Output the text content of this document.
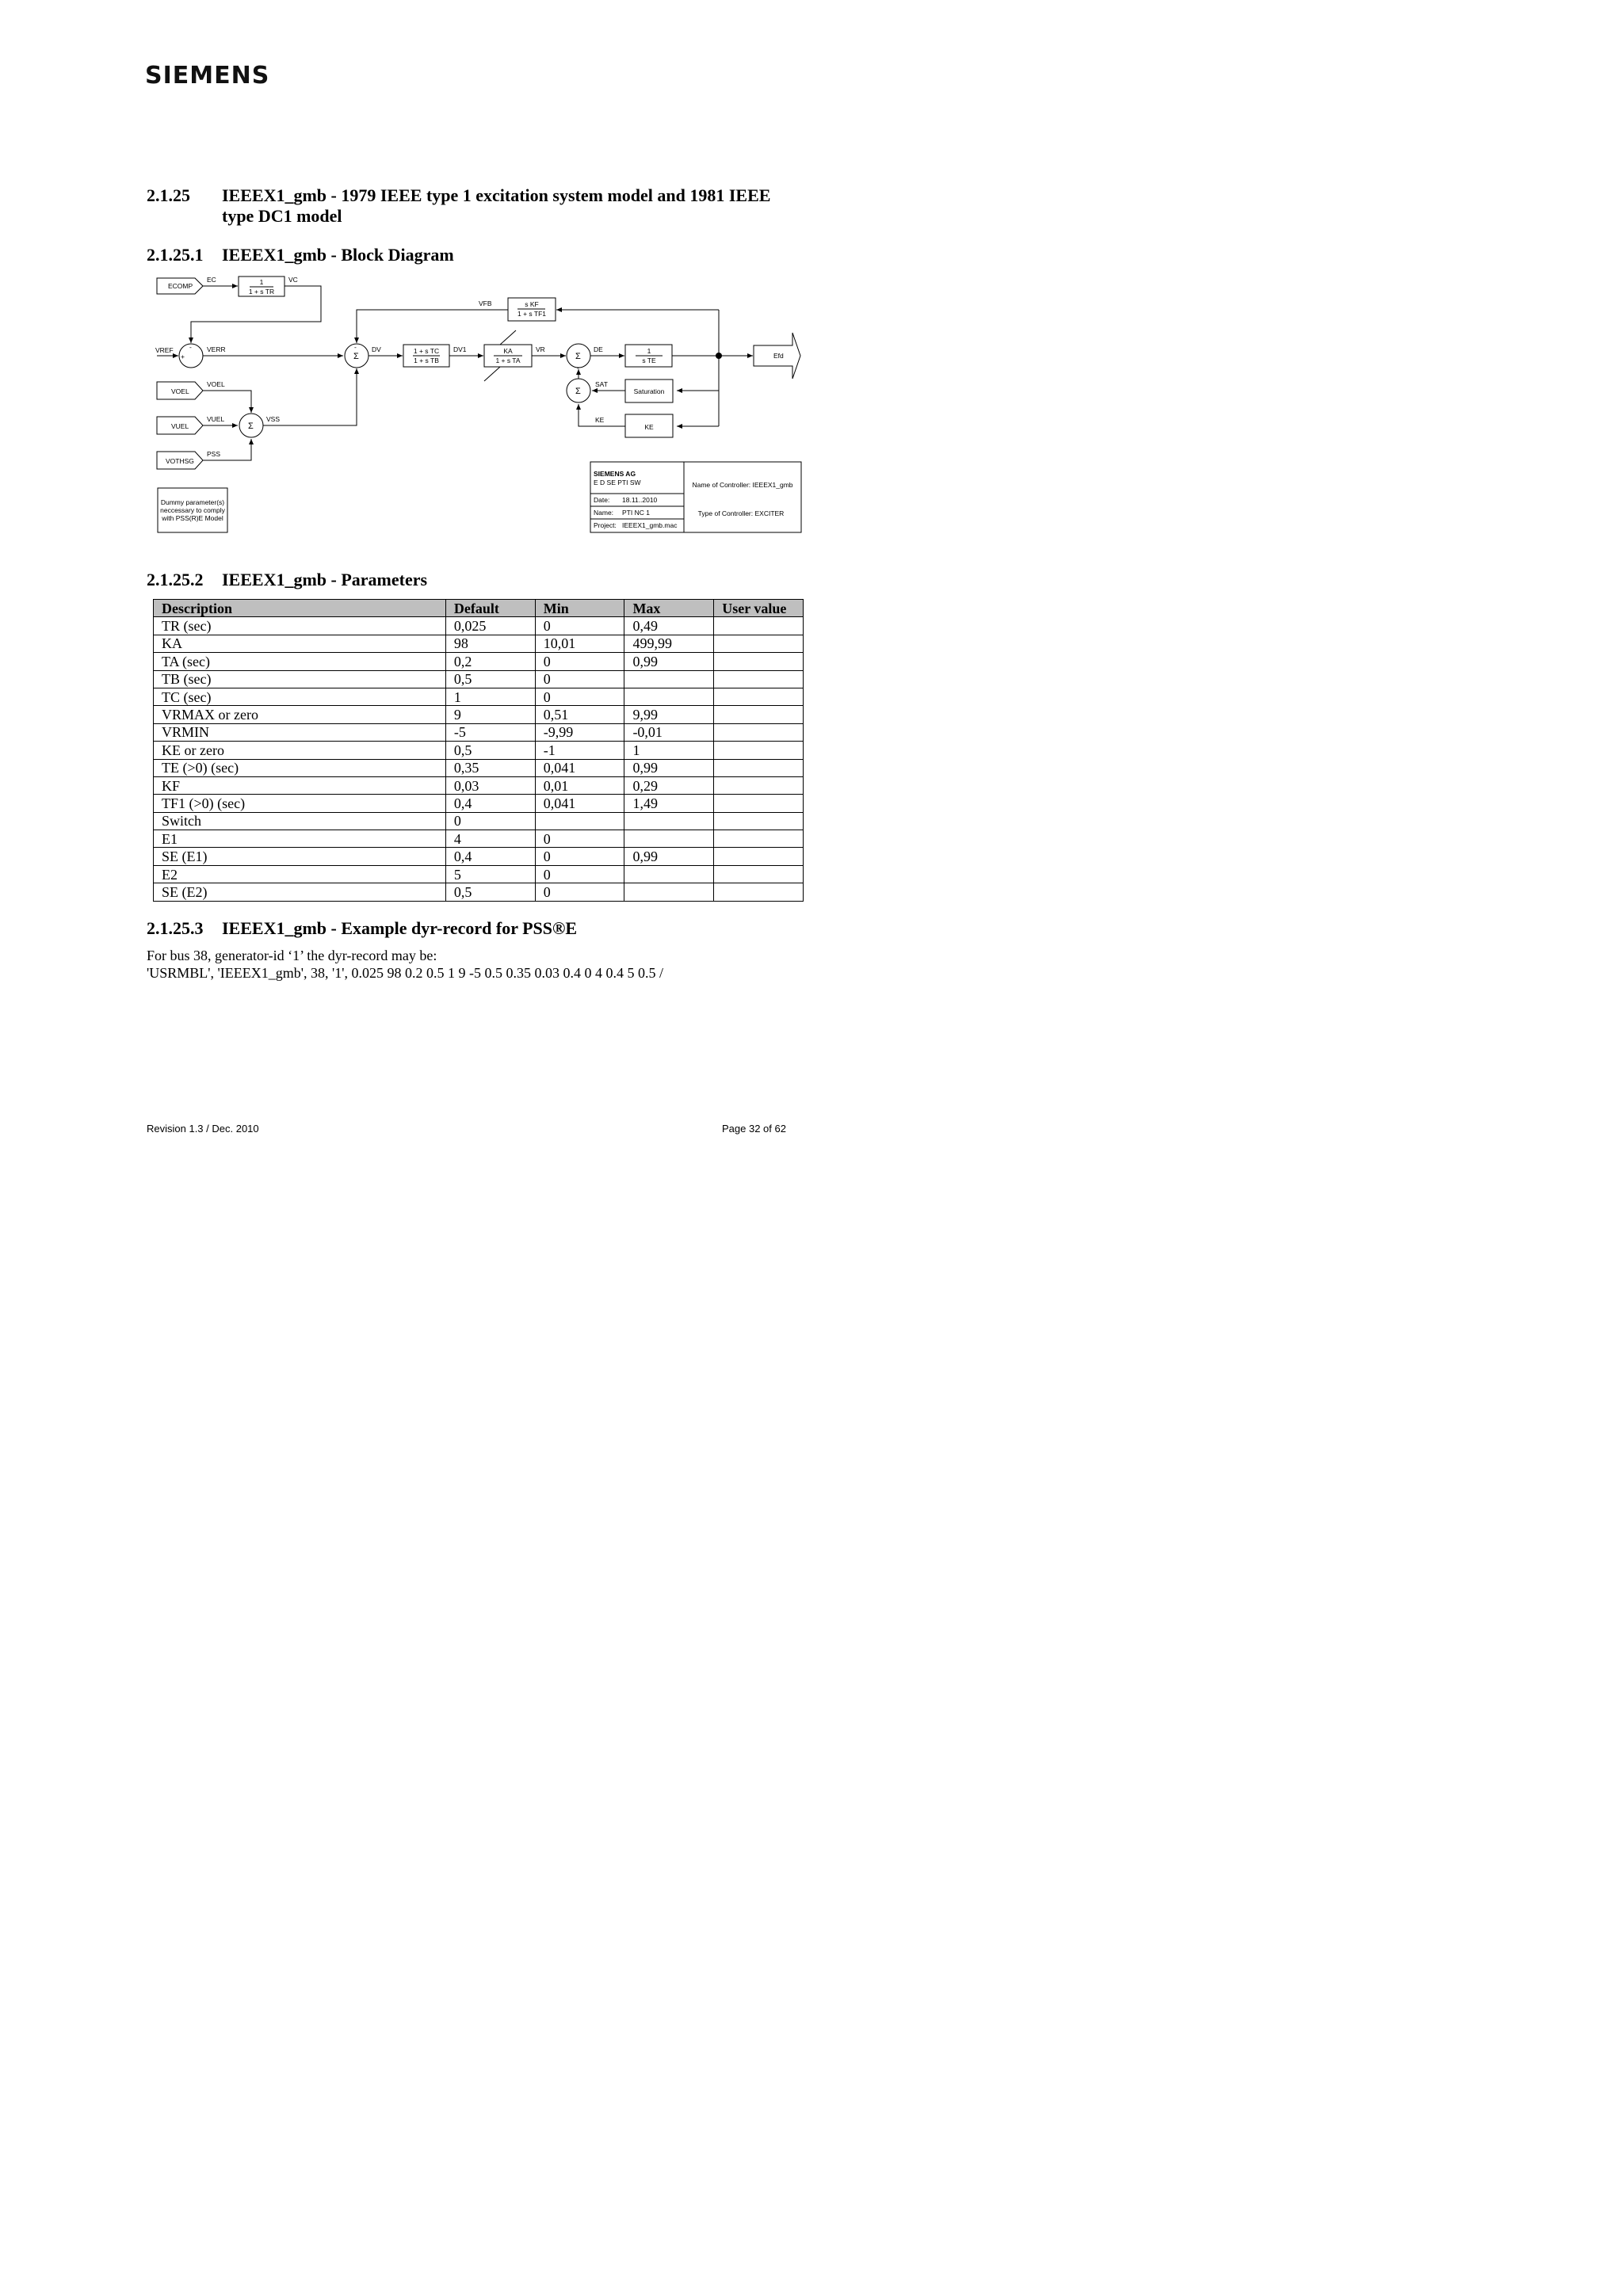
SIEMENS
2.1.25 IEEEX1_gmb - 1979 IEEE type 1 excitation system model and 1981 IEEE
type DC1 model
2.1.25.1 IEEEX1_gmb - Block Diagram
ECOMP
EC	VC
1
1 + s TR
VFB	s KF
1 + s TF1
VREF	VERR
-
+	Σ
- DV	1 + s TC
1 + s TB
DV1	KA
1 + s TA
VR
Σ
-
DE	1
s TE
Efd
VOEL
VOEL
VUEL
VUEL
Σ
VSS
VOTHSG
PSS
Σ
SAT
Saturation
KE
KE
Dummy parameter(s)
neccessary to comply
with PSS(R)E Model
SIEMENS AG
E D SE PTI SW
Date: 18.11..2010
Name: PTI NC 1
Project: IEEEX1_gmb.mac
Name of Controller: IEEEX1_gmb
Type of Controller: EXCITER
2.1.25.2 IEEEX1_gmb - Parameters
Description	Default	Min	Max	User value
TR (sec)	0,025	0	0,49	
KA	98	10,01	499,99	
TA (sec)	0,2	0	0,99	
TB (sec)	0,5	0		
TC (sec)	1	0		
VRMAX or zero	9	0,51	9,99	
VRMIN	-5	-9,99	-0,01	
KE or zero	0,5	-1	1	
TE (>0) (sec)	0,35	0,041	0,99	
KF	0,03	0,01	0,29	
TF1 (>0) (sec)	0,4	0,041	1,49	
Switch	0			
E1	4	0		
SE (E1)	0,4	0	0,99	
E2	5	0		
SE (E2)	0,5	0		
2.1.25.3 IEEEX1_gmb - Example dyr-record for PSS®E
For bus 38, generator-id ‘1’ the dyr-record may be:
'USRMBL', 'IEEEX1_gmb', 38, '1', 0.025 98 0.2 0.5 1 9 -5 0.5 0.35 0.03 0.4 0 4 0.4 5 0.5 /
Revision 1.3 / Dec. 2010	Page 32 of 62
